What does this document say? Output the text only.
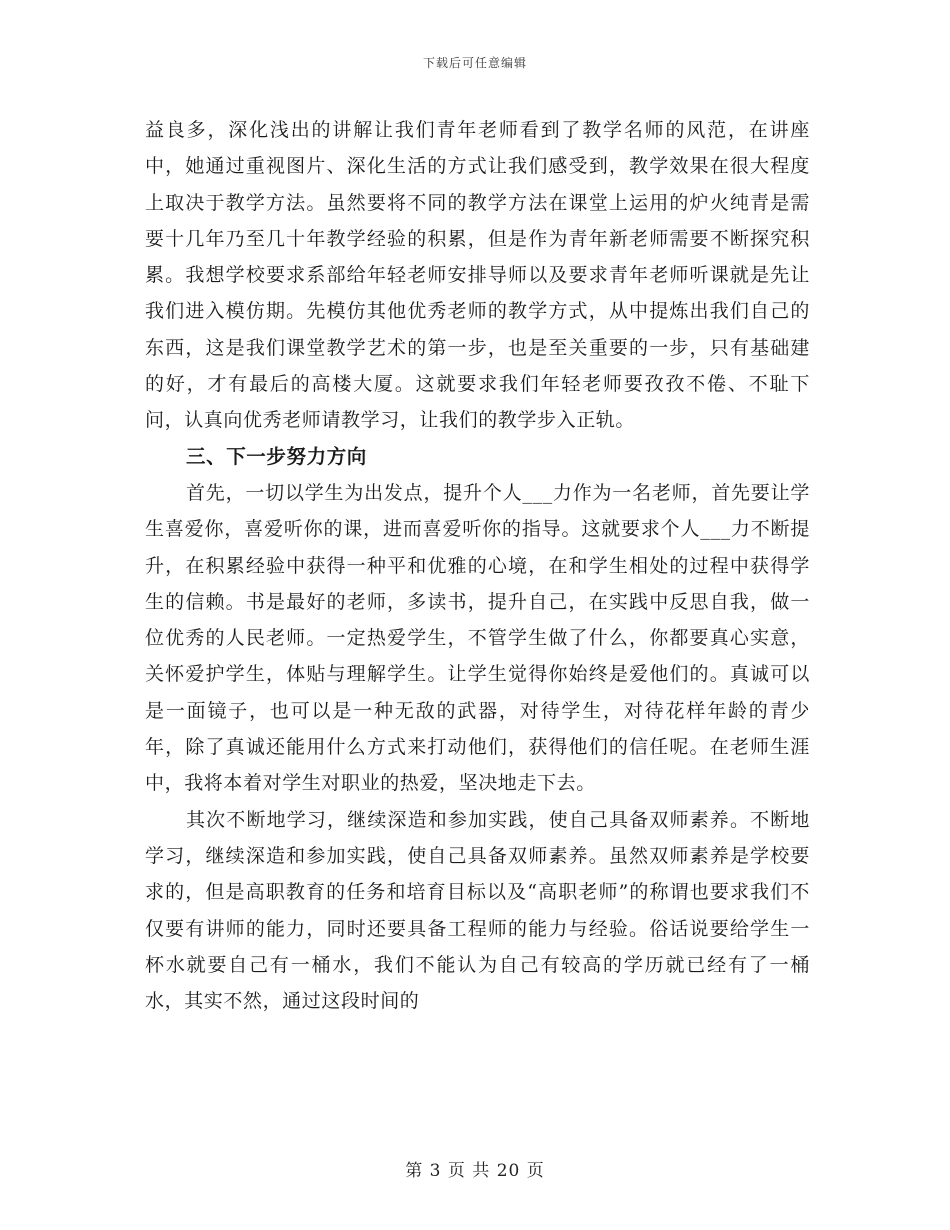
下载后可任意编辑

益良多，深化浅出的讲解让我们青年老师看到了教学名师的风范，在讲座中，她通过重视图片、深化生活的方式让我们感受到，教学效果在很大程度上取决于教学方法。虽然要将不同的教学方法在课堂上运用的炉火纯青是需要十几年乃至几十年教学经验的积累，但是作为青年新老师需要不断探究积累。我想学校要求系部给年轻老师安排导师以及要求青年老师听课就是先让我们进入模仿期。先模仿其他优秀老师的教学方式，从中提炼出我们自己的东西，这是我们课堂教学艺术的第一步，也是至关重要的一步，只有基础建的好，才有最后的高楼大厦。这就要求我们年轻老师要孜孜不倦、不耻下问，认真向优秀老师请教学习，让我们的教学步入正轨。

三、下一步努力方向

首先，一切以学生为出发点，提升个人___力作为一名老师，首先要让学生喜爱你，喜爱听你的课，进而喜爱听你的指导。这就要求个人___力不断提升，在积累经验中获得一种平和优雅的心境，在和学生相处的过程中获得学生的信赖。书是最好的老师，多读书，提升自己，在实践中反思自我，做一位优秀的人民老师。一定热爱学生，不管学生做了什么，你都要真心实意，关怀爱护学生，体贴与理解学生。让学生觉得你始终是爱他们的。真诚可以是一面镜子，也可以是一种无敌的武器，对待学生，对待花样年龄的青少年，除了真诚还能用什么方式来打动他们，获得他们的信任呢。在老师生涯中，我将本着对学生对职业的热爱，坚决地走下去。

其次不断地学习，继续深造和参加实践，使自己具备双师素养。不断地学习，继续深造和参加实践，使自己具备双师素养。虽然双师素养是学校要求的，但是高职教育的任务和培育目标以及“高职老师”的称谓也要求我们不仅要有讲师的能力，同时还要具备工程师的能力与经验。俗话说要给学生一杯水就要自己有一桶水，我们不能认为自己有较高的学历就已经有了一桶水，其实不然，通过这段时间的

第 3 页 共 20 页
